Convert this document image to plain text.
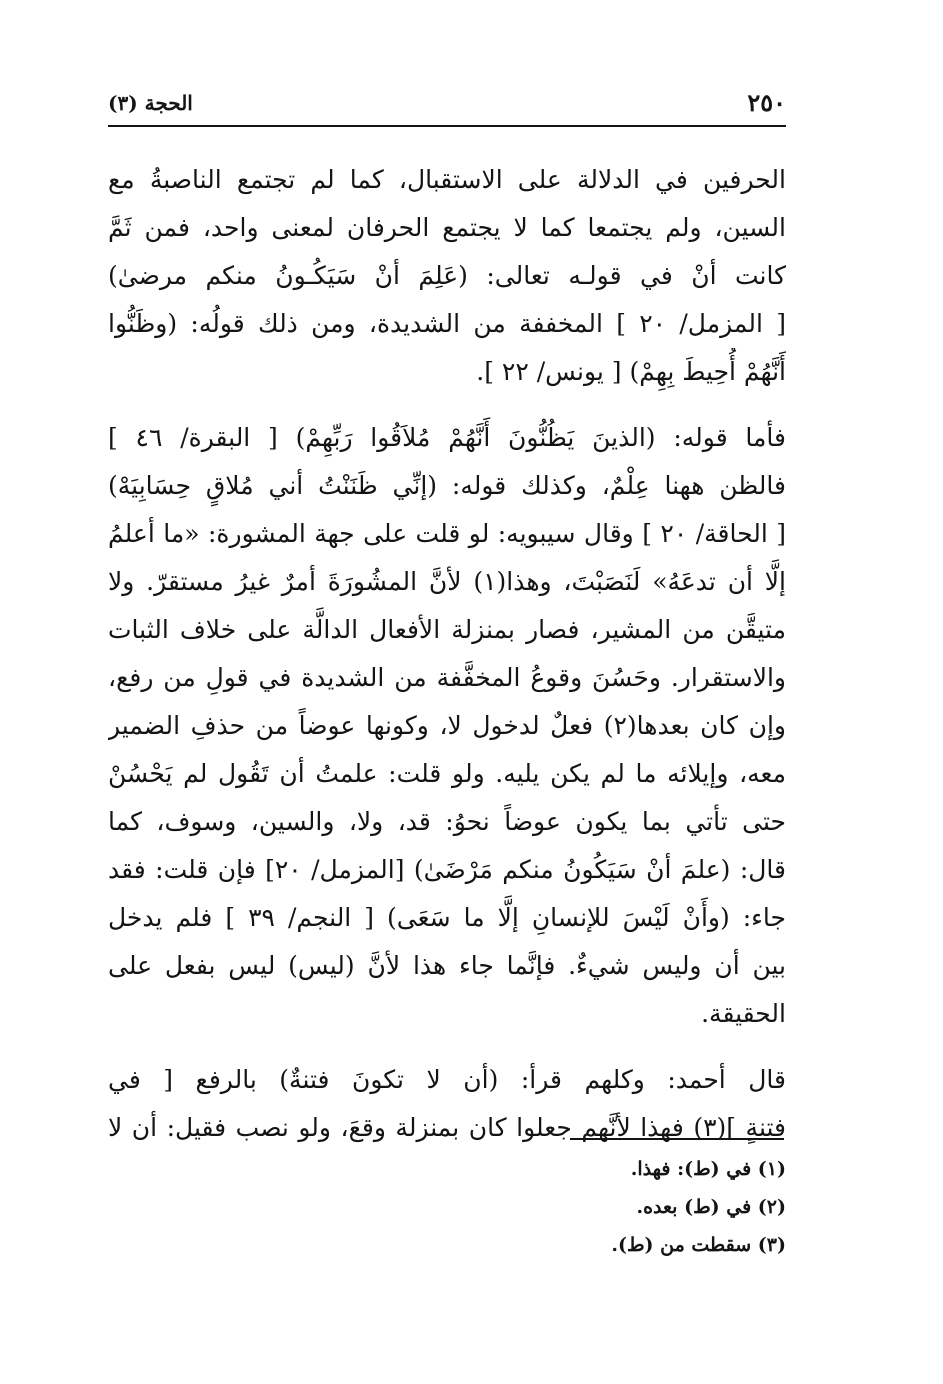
٢٥٠
الحجة (٣)
الحرفين في الدلالة على الاستقبال، كما لم تجتمع الناصبةُ مع
السين، ولم يجتمعا كما لا يجتمع الحرفان لمعنى واحد، فمن ثَمَّ
كانت أنْ في قولـه تعالى: (عَلِمَ أنْ سَيَكُـونُ منكم مرضىٰ)
[ المزمل/ ٢٠ ] المخففة من الشديدة، ومن ذلك قولُه: (وظَنُّوا
أَنَّهُمْ أُحِيطَ بِهِمْ) [ يونس/ ٢٢ ].
فأما قوله: (الذينَ يَظُنُّونَ أَنَّهُمْ مُلاَقُوا رَبِّهِمْ) [ البقرة/ ٤٦ ]
فالظن ههنا عِلْمٌ، وكذلك قوله: (إنِّي ظَنَنْتُ أني مُلاقٍ حِسَابِيَهْ)
[ الحاقة/ ٢٠ ] وقال سيبويه: لو قلت على جهة المشورة: «ما أعلمُ
إلَّا أن تدعَهُ» لَنَصَبْتَ، وهذا(١) لأنَّ المشُورَةَ أمرٌ غيرُ مستقرّ. ولا
متيقَّن من المشير، فصار بمنزلة الأفعال الدالَّة على خلاف الثبات
والاستقرار. وحَسُنَ وقوعُ المخفَّفة من الشديدة في قولِ من رفع،
وإن كان بعدها(٢) فعلٌ لدخول لا، وكونها عوضاً من حذفِ الضمير
معه، وإيلائه ما لم يكن يليه. ولو قلت: علمتُ أن تَقُول لم يَحْسُنْ
حتى تأتي بما يكون عوضاً نحوُ: قد، ولا، والسين، وسوف، كما
قال: (علمَ أنْ سَيَكُونُ منكم مَرْضَىٰ) [المزمل/ ٢٠] فإن قلت: فقد
جاء: (وأَنْ لَيْسَ للإنسانِ إلَّا ما سَعَى) [ النجم/ ٣٩ ] فلم يدخل
بين أن وليس شيءٌ. فإنَّما جاء هذا لأنَّ (ليس) ليس بفعل على
الحقيقة.
قال أحمد: وكلهم قرأ: (أن لا تكونَ فتنةٌ) بالرفع [ في
فتنةٍ ](٣) فهذا لأنَّهم جعلوا كان بمنزلة وقعَ، ولو نصب فقيل: أن لا
(١) في (ط): فهذا.
(٢) في (ط) بعده.
(٣) سقطت من (ط).
